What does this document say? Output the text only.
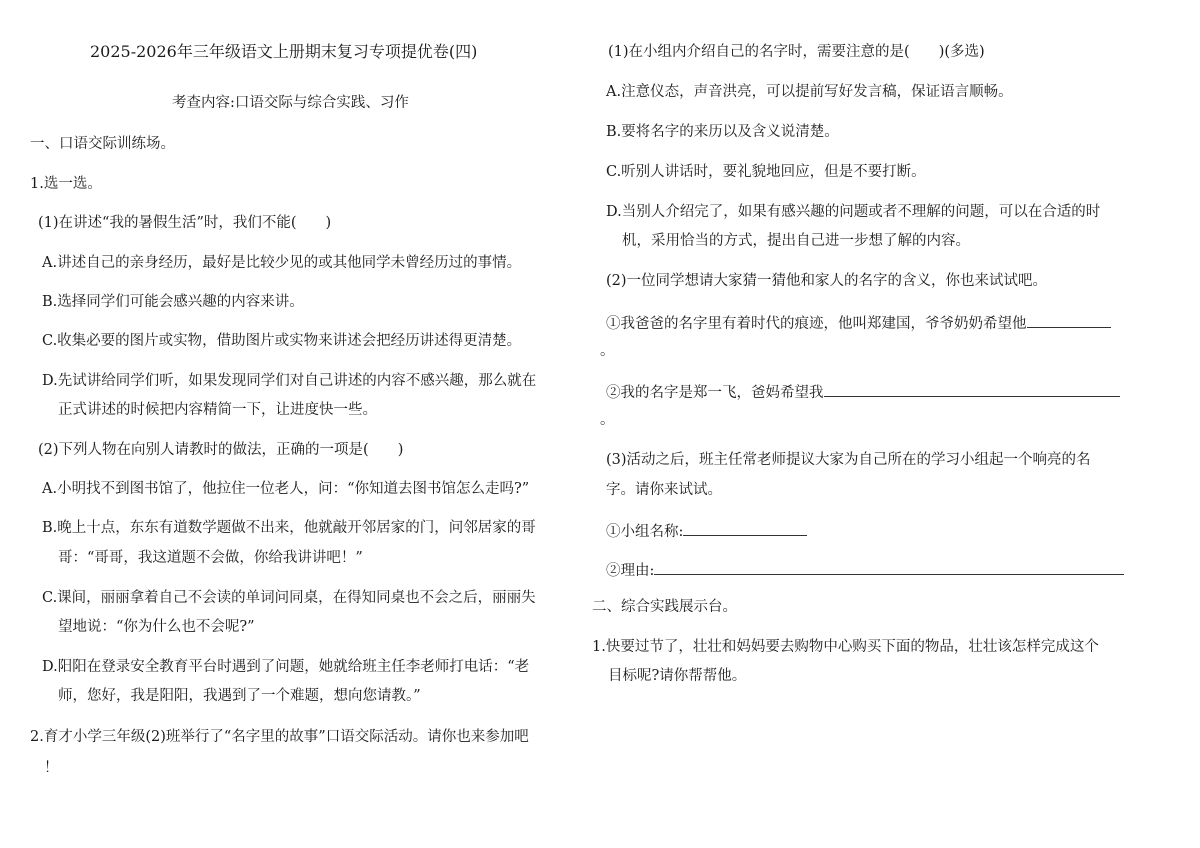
2025-2026年三年级语文上册期末复习专项提优卷(四)
考查内容:口语交际与综合实践、习作
一、口语交际训练场。
1.选一选。
(1)在讲述“我的暑假生活”时，我们不能(　　)
A.讲述自己的亲身经历，最好是比较少见的或其他同学未曾经历过的事情。
B.选择同学们可能会感兴趣的内容来讲。
C.收集必要的图片或实物，借助图片或实物来讲述会把经历讲述得更清楚。
D.先试讲给同学们听，如果发现同学们对自己讲述的内容不感兴趣，那么就在
正式讲述的时候把内容精简一下，让进度快一些。
(2)下列人物在向别人请教时的做法，正确的一项是(　　)
A.小明找不到图书馆了，他拉住一位老人，问：“你知道去图书馆怎么走吗?”
B.晚上十点，东东有道数学题做不出来，他就敲开邻居家的门，问邻居家的哥
哥：“哥哥，我这道题不会做，你给我讲讲吧！”
C.课间，丽丽拿着自己不会读的单词问同桌，在得知同桌也不会之后，丽丽失
望地说：“你为什么也不会呢?”
D.阳阳在登录安全教育平台时遇到了问题，她就给班主任李老师打电话：“老
师，您好，我是阳阳，我遇到了一个难题，想向您请教。”
2.育才小学三年级(2)班举行了“名字里的故事”口语交际活动。请你也来参加吧
！
(1)在小组内介绍自己的名字时，需要注意的是(　　)(多选)
A.注意仪态，声音洪亮，可以提前写好发言稿，保证语言顺畅。
B.要将名字的来历以及含义说清楚。
C.听别人讲话时，要礼貌地回应，但是不要打断。
D.当别人介绍完了，如果有感兴趣的问题或者不理解的问题，可以在合适的时
机，采用恰当的方式，提出自己进一步想了解的内容。
(2)一位同学想请大家猜一猜他和家人的名字的含义，你也来试试吧。
①我爸爸的名字里有着时代的痕迹，他叫郑建国，爷爷奶奶希望他
。
②我的名字是郑一飞，爸妈希望我
。
(3)活动之后，班主任常老师提议大家为自己所在的学习小组起一个响亮的名
字。请你来试试。
①小组名称:
②理由:
二、综合实践展示台。
1.快要过节了，壮壮和妈妈要去购物中心购买下面的物品，壮壮该怎样完成这个
目标呢?请你帮帮他。
